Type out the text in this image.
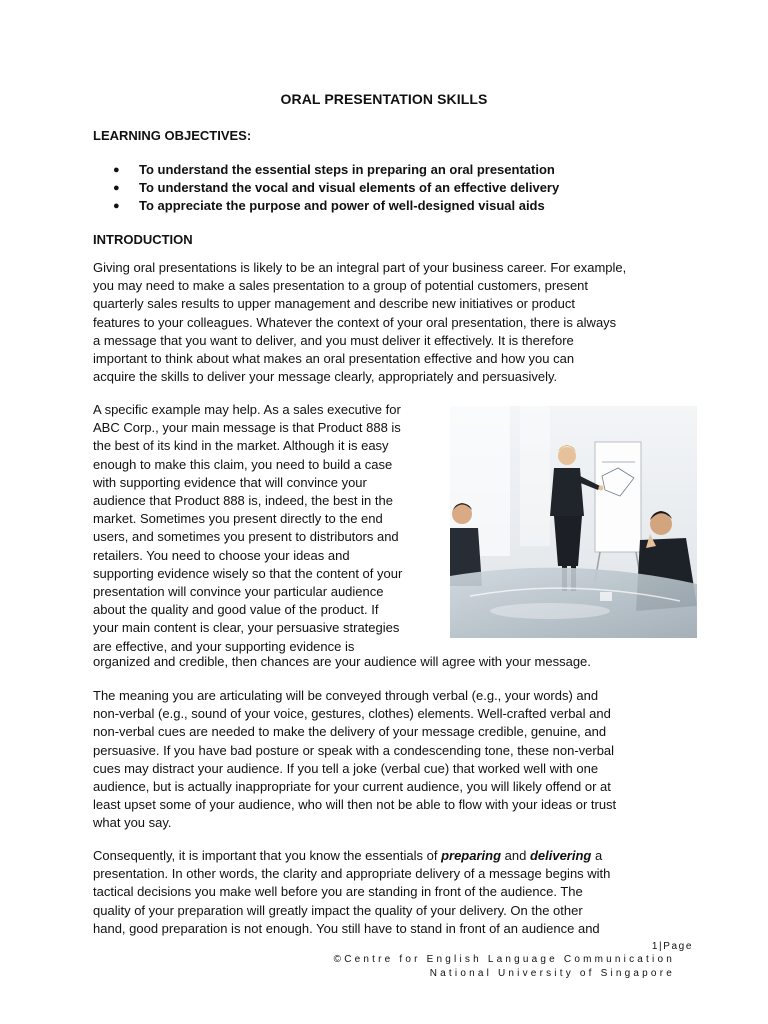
ORAL PRESENTATION SKILLS
LEARNING OBJECTIVES:
● To understand the essential steps in preparing an oral presentation
● To understand the vocal and visual elements of an effective delivery
● To appreciate the purpose and power of well-designed visual aids
INTRODUCTION
Giving oral presentations is likely to be an integral part of your business career. For example,
you may need to make a sales presentation to a group of potential customers, present
quarterly sales results to upper management and describe new initiatives or product
features to your colleagues. Whatever the context of your oral presentation, there is always
a message that you want to deliver, and you must deliver it effectively. It is therefore
important to think about what makes an oral presentation effective and how you can
acquire the skills to deliver your message clearly, appropriately and persuasively.
A specific example may help. As a sales executive for
ABC Corp., your main message is that Product 888 is
the best of its kind in the market. Although it is easy
enough to make this claim, you need to build a case
with supporting evidence that will convince your
audience that Product 888 is, indeed, the best in the
market. Sometimes you present directly to the end
users, and sometimes you present to distributors and
retailers. You need to choose your ideas and
supporting evidence wisely so that the content of your
presentation will convince your particular audience
about the quality and good value of the product. If
your main content is clear, your persuasive strategies
are effective, and your supporting evidence is
organized and credible, then chances are your audience will agree with your message.
The meaning you are articulating will be conveyed through verbal (e.g., your words) and
non-verbal (e.g., sound of your voice, gestures, clothes) elements. Well-crafted verbal and
non-verbal cues are needed to make the delivery of your message credible, genuine, and
persuasive. If you have bad posture or speak with a condescending tone, these non-verbal
cues may distract your audience. If you tell a joke (verbal cue) that worked well with one
audience, but is actually inappropriate for your current audience, you will likely offend or at
least upset some of your audience, who will then not be able to flow with your ideas or trust
what you say.
Consequently, it is important that you know the essentials of preparing and delivering a
presentation. In other words, the clarity and appropriate delivery of a message begins with
tactical decisions you make well before you are standing in front of the audience. The
quality of your preparation will greatly impact the quality of your delivery. On the other
hand, good preparation is not enough. You still have to stand in front of an audience and
1|Page
©Centre for English Language Communication
National University of Singapore
